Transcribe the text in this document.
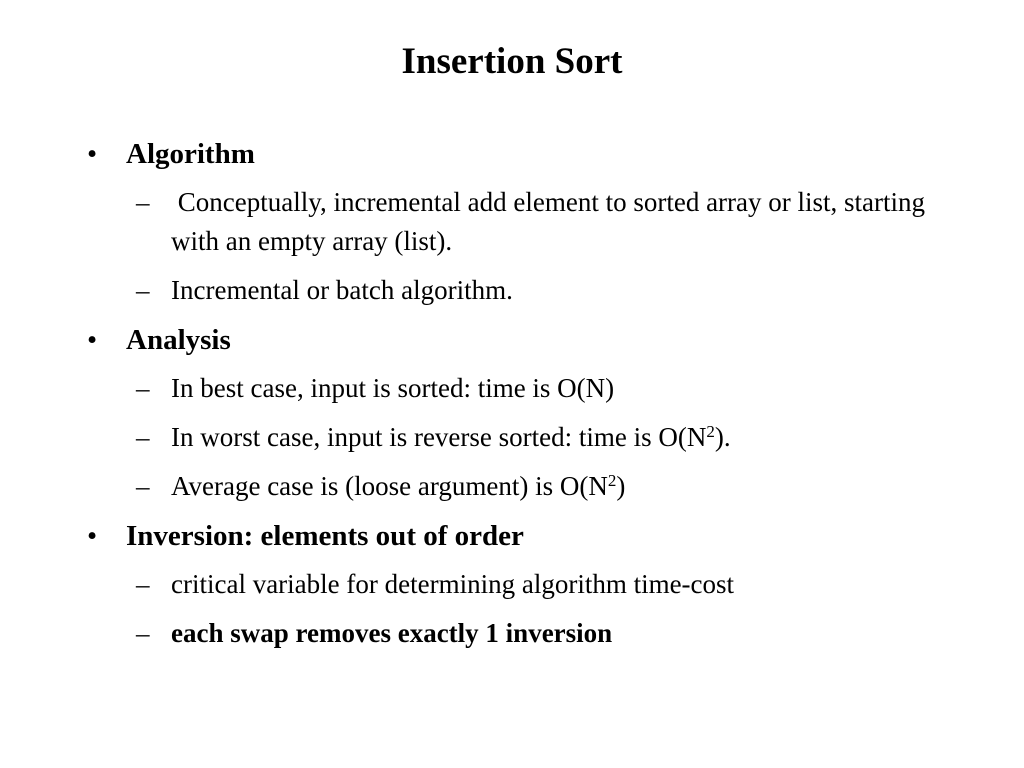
Insertion Sort
• Algorithm
– Conceptually, incremental add element to sorted array or list, starting with an empty array (list).
– Incremental or batch algorithm.
• Analysis
– In best case, input is sorted: time is O(N)
– In worst case, input is reverse sorted: time is $O(N^2)$.
– Average case is (loose argument) is $O(N^2)$
• Inversion: elements out of order
– critical variable for determining algorithm time-cost
– each swap removes exactly 1 inversion
